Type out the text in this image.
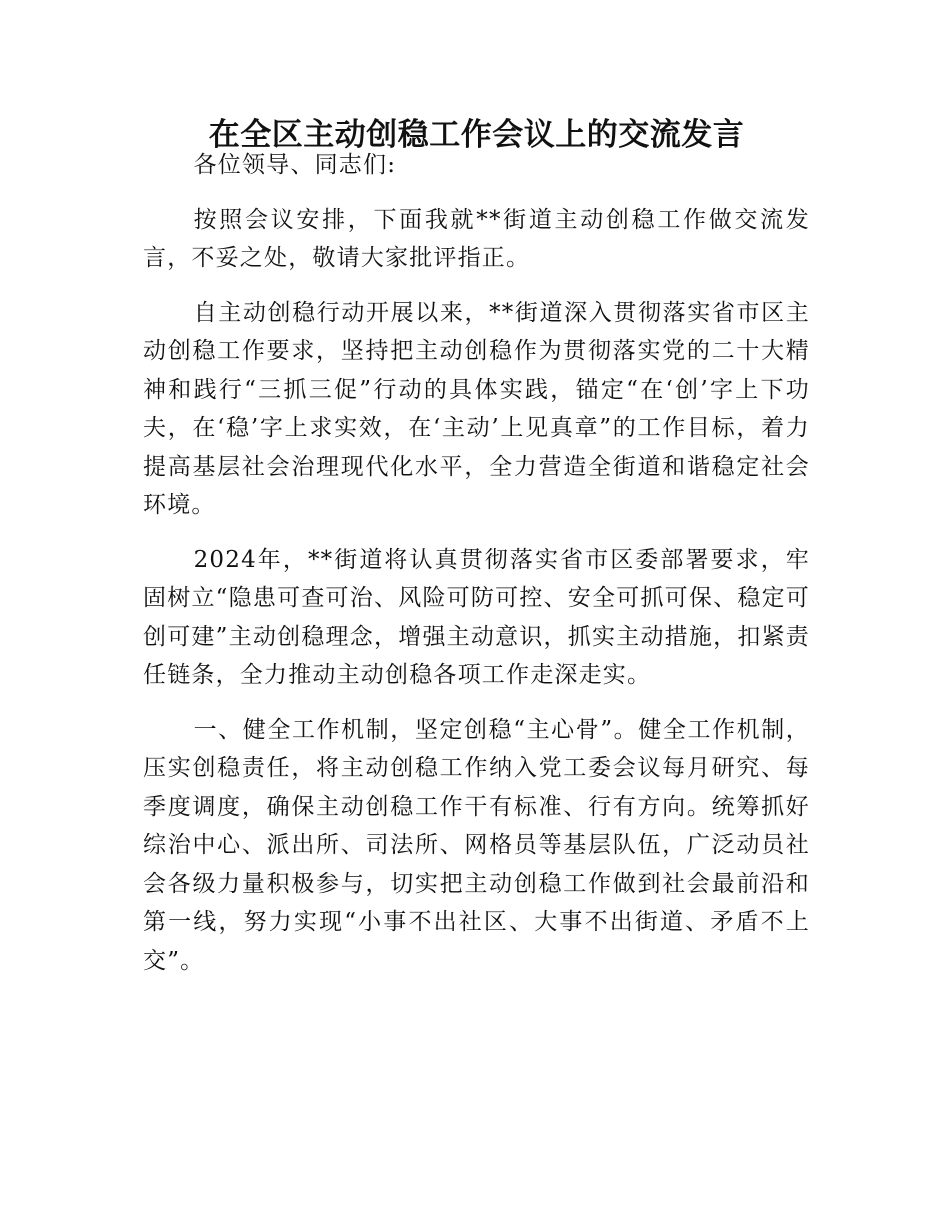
在全区主动创稳工作会议上的交流发言

各位领导、同志们:

按照会议安排，下面我就**街道主动创稳工作做交流发言，不妥之处，敬请大家批评指正。

自主动创稳行动开展以来，**街道深入贯彻落实省市区主动创稳工作要求，坚持把主动创稳作为贯彻落实党的二十大精神和践行“三抓三促”行动的具体实践，锚定“在‘创’字上下功夫，在‘稳’字上求实效，在‘主动’上见真章”的工作目标，着力提高基层社会治理现代化水平，全力营造全街道和谐稳定社会环境。

2024年，**街道将认真贯彻落实省市区委部署要求，牢固树立“隐患可查可治、风险可防可控、安全可抓可保、稳定可创可建”主动创稳理念，增强主动意识，抓实主动措施，扣紧责任链条，全力推动主动创稳各项工作走深走实。

一、健全工作机制，坚定创稳“主心骨”。健全工作机制，压实创稳责任，将主动创稳工作纳入党工委会议每月研究、每季度调度，确保主动创稳工作干有标准、行有方向。统筹抓好综治中心、派出所、司法所、网格员等基层队伍，广泛动员社会各级力量积极参与，切实把主动创稳工作做到社会最前沿和第一线，努力实现“小事不出社区、大事不出街道、矛盾不上交”。
